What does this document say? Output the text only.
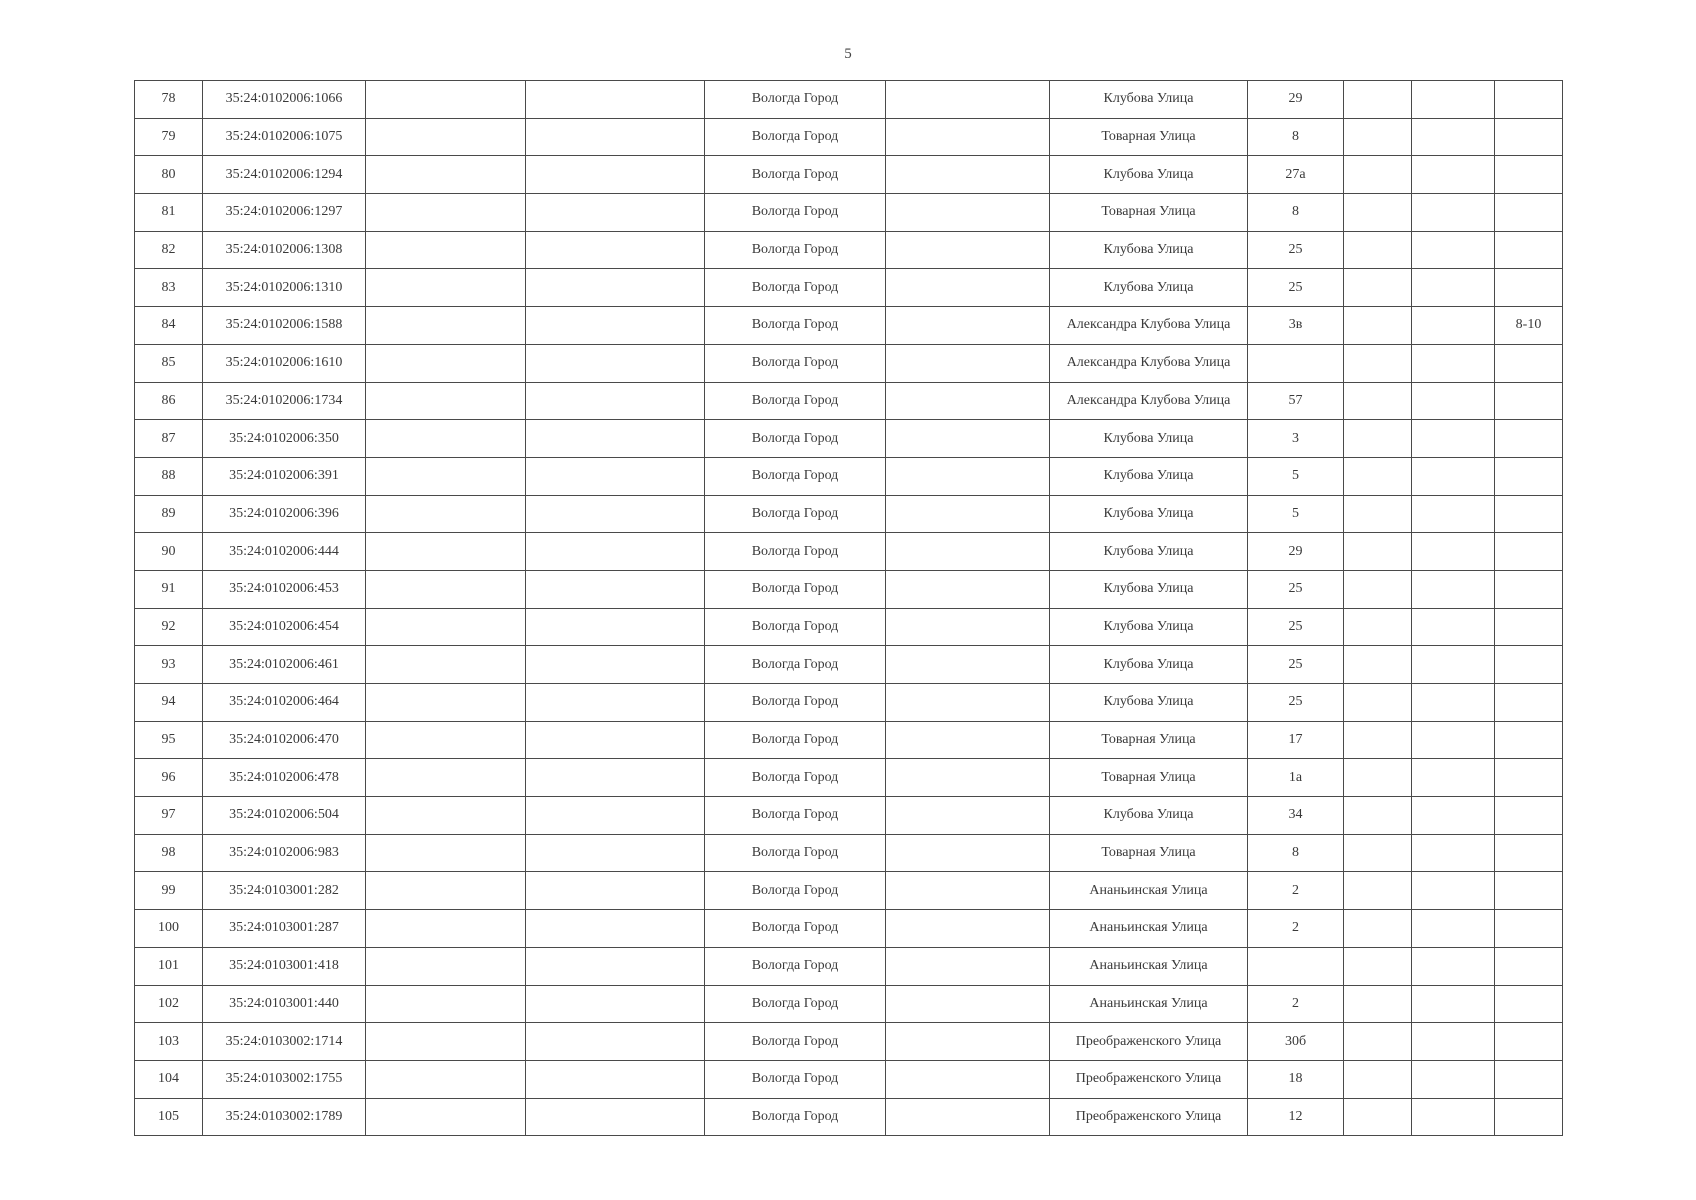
5
78	35:24:0102006:1066			Вологда Город		Клубова Улица	29			
79	35:24:0102006:1075			Вологда Город		Товарная Улица	8			
80	35:24:0102006:1294			Вологда Город		Клубова Улица	27а			
81	35:24:0102006:1297			Вологда Город		Товарная Улица	8			
82	35:24:0102006:1308			Вологда Город		Клубова Улица	25			
83	35:24:0102006:1310			Вологда Город		Клубова Улица	25			
84	35:24:0102006:1588			Вологда Город		Александра Клубова Улица	3в			8-10
85	35:24:0102006:1610			Вологда Город		Александра Клубова Улица				
86	35:24:0102006:1734			Вологда Город		Александра Клубова Улица	57			
87	35:24:0102006:350			Вологда Город		Клубова Улица	3			
88	35:24:0102006:391			Вологда Город		Клубова Улица	5			
89	35:24:0102006:396			Вологда Город		Клубова Улица	5			
90	35:24:0102006:444			Вологда Город		Клубова Улица	29			
91	35:24:0102006:453			Вологда Город		Клубова Улица	25			
92	35:24:0102006:454			Вологда Город		Клубова Улица	25			
93	35:24:0102006:461			Вологда Город		Клубова Улица	25			
94	35:24:0102006:464			Вологда Город		Клубова Улица	25			
95	35:24:0102006:470			Вологда Город		Товарная Улица	17			
96	35:24:0102006:478			Вологда Город		Товарная Улица	1а			
97	35:24:0102006:504			Вологда Город		Клубова Улица	34			
98	35:24:0102006:983			Вологда Город		Товарная Улица	8			
99	35:24:0103001:282			Вологда Город		Ананьинская Улица	2			
100	35:24:0103001:287			Вологда Город		Ананьинская Улица	2			
101	35:24:0103001:418			Вологда Город		Ананьинская Улица				
102	35:24:0103001:440			Вологда Город		Ананьинская Улица	2			
103	35:24:0103002:1714			Вологда Город		Преображенского Улица	30б			
104	35:24:0103002:1755			Вологда Город		Преображенского Улица	18			
105	35:24:0103002:1789			Вологда Город		Преображенского Улица	12			
